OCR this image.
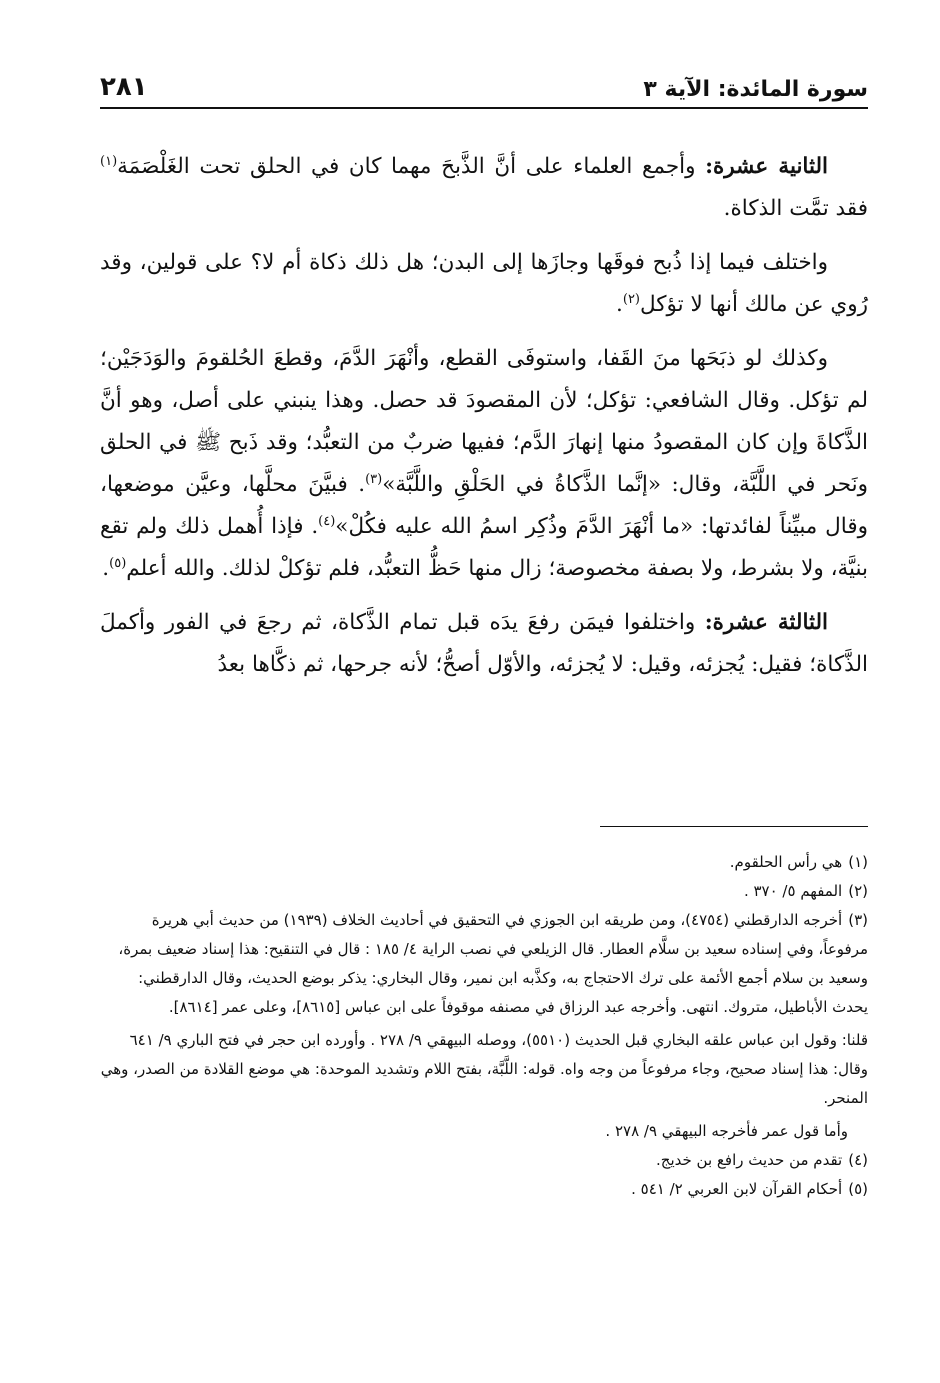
سورة المائدة: الآية ٣
٢٨١

الثانية عشرة: وأجمع العلماء على أنَّ الذَّبحَ مهما كان في الحلق تحت الغَلْصَمَة$^{(١)}$ فقد تمَّت الذكاة.

واختلف فيما إذا ذُبح فوقَها وجازَها إلى البدن؛ هل ذلك ذكاة أم لا؟ على قولين، وقد رُوي عن مالك أنها لا تؤكل$^{(٢)}$.

وكذلك لو ذبَحَها منَ القَفا، واستوفَى القطع، وأنْهَرَ الدَّمَ، وقطعَ الحُلقومَ والوَدَجَيْن؛ لم تؤكل. وقال الشافعي: تؤكل؛ لأن المقصودَ قد حصل. وهذا ينبني على أصل، وهو أنَّ الذَّكاةَ وإن كان المقصودُ منها إنهارَ الدَّم؛ ففيها ضربٌ من التعبُّد؛ وقد ذَبح ﷺ في الحلق ونَحر في اللَّبَّة، وقال: «إنَّما الذَّكاةُ في الحَلْقِ واللَّبَّة»$^{(٣)}$. فبيَّنَ محلَّها، وعيَّن موضعها، وقال مبيِّناً لفائدتها: «ما أنْهَرَ الدَّمَ وذُكِر اسمُ الله عليه فكُلْ»$^{(٤)}$. فإذا أُهمل ذلك ولم تقع بنيَّة، ولا بشرط، ولا بصفة مخصوصة؛ زال منها حَظُّ التعبُّد، فلم تؤكلْ لذلك. والله أعلم$^{(٥)}$.

الثالثة عشرة: واختلفوا فيمَن رفعَ يدَه قبل تمام الذَّكاة، ثم رجعَ في الفور وأكملَ الذَّكاة؛ فقيل: يُجزئه، وقيل: لا يُجزئه، والأوّل أصحُّ؛ لأنه جرحها، ثم ذكَّاها بعدُ

(١)هي رأس الحلقوم.

(٢)المفهم ٥/ ٣٧٠ .

(٣)أخرجه الدارقطني (٤٧٥٤)، ومن طريقه ابن الجوزي في التحقيق في أحاديث الخلاف (١٩٣٩) من حديث أبي هريرة مرفوعاً، وفي إسناده سعيد بن سلَّام العطار. قال الزيلعي في نصب الراية ٤/ ١٨٥ : قال في التنقيح: هذا إسناد ضعيف بمرة، وسعيد بن سلام أجمع الأئمة على ترك الاحتجاج به، وكذَّبه ابن نمير، وقال البخاري: يذكر بوضع الحديث، وقال الدارقطني: يحدث الأباطيل، متروك. انتهى. وأخرجه عبد الرزاق في مصنفه موقوفاً على ابن عباس [٨٦١٥]، وعلى عمر [٨٦١٤].

قلنا: وقول ابن عباس علقه البخاري قبل الحديث (٥٥١٠)، ووصله البيهقي ٩/ ٢٧٨ . وأورده ابن حجر في فتح الباري ٩/ ٦٤١ وقال: هذا إسناد صحيح، وجاء مرفوعاً من وجه واه. قوله: اللَّبَّة، بفتح اللام وتشديد الموحدة: هي موضع القلادة من الصدر، وهي المنحر.

وأما قول عمر فأخرجه البيهقي ٩/ ٢٧٨ .

(٤)تقدم من حديث رافع بن خديج.

(٥)أحكام القرآن لابن العربي ٢/ ٥٤١ .
